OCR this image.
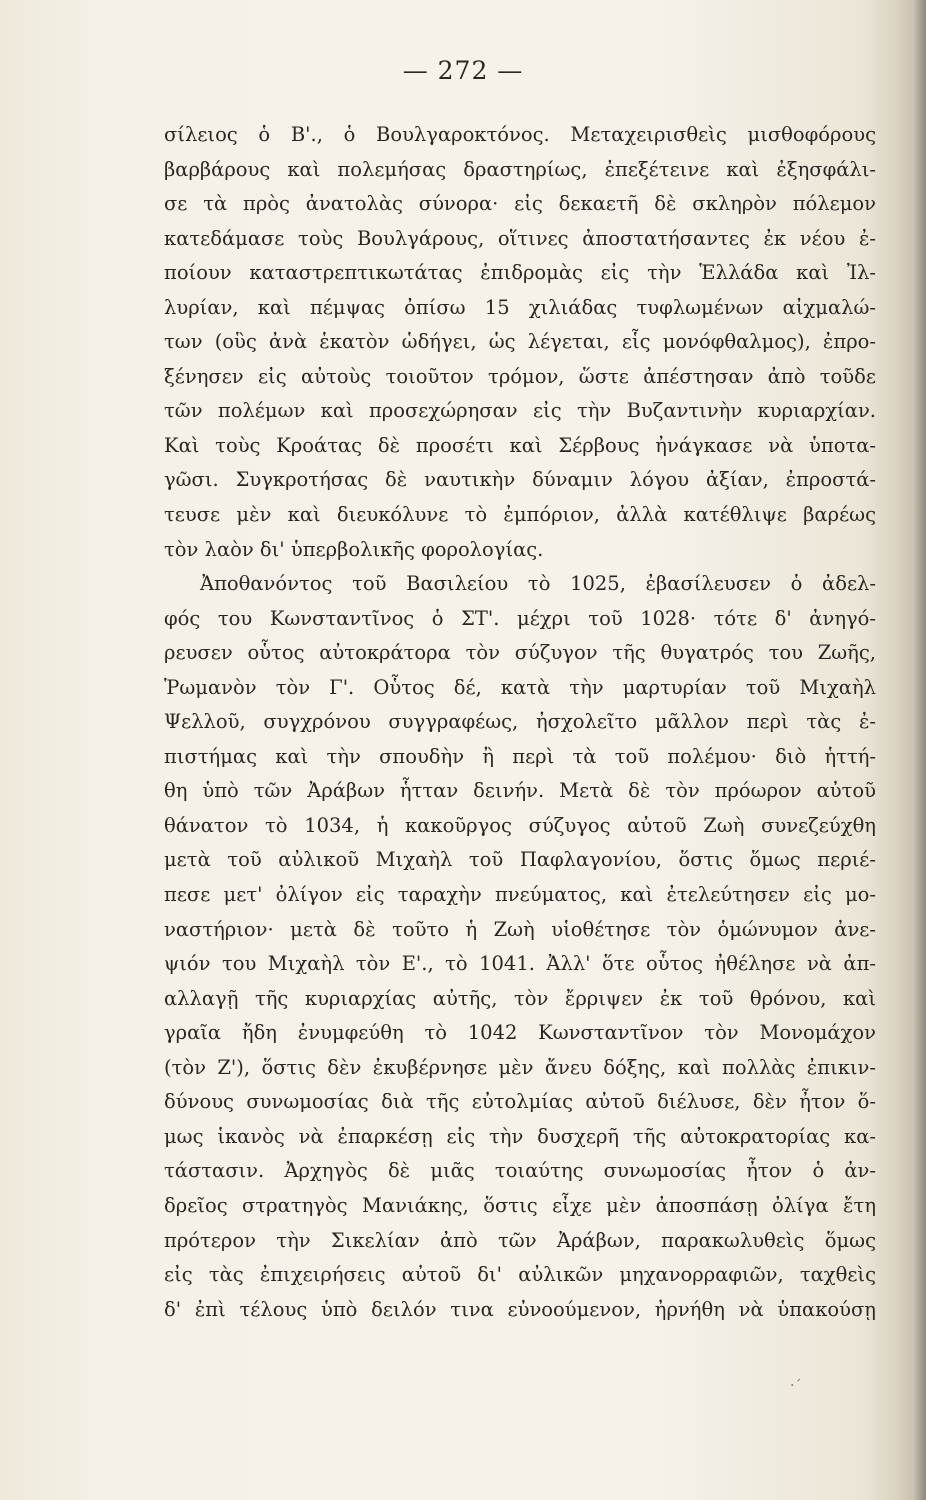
— 272 —
σίλειος ὁ Β'., ὁ Βουλγαροκτόνος. Μεταχειρισθεὶς μισθοφόρους
βαρβάρους καὶ πολεμήσας δραστηρίως, ἐπεξέτεινε καὶ ἐξησφάλι-
σε τὰ πρὸς ἀνατολὰς σύνορα· εἰς δεκαετῆ δὲ σκληρὸν πόλεμον
κατεδάμασε τοὺς Βουλγάρους, οἵτινες ἀποστατήσαντες ἐκ νέου ἐ-
ποίουν καταστρεπτικωτάτας ἐπιδρομὰς εἰς τὴν Ἑλλάδα καὶ Ἰλ-
λυρίαν, καὶ πέμψας ὀπίσω 15 χιλιάδας τυφλωμένων αἰχμαλώ-
των (οὓς ἀνὰ ἑκατὸν ὡδήγει, ὡς λέγεται, εἷς μονόφθαλμος), ἐπρο-
ξένησεν εἰς αὐτοὺς τοιοῦτον τρόμον, ὥστε ἀπέστησαν ἀπὸ τοῦδε
τῶν πολέμων καὶ προσεχώρησαν εἰς τὴν Βυζαντινὴν κυριαρχίαν.
Καὶ τοὺς Κροάτας δὲ προσέτι καὶ Σέρβους ἠνάγκασε νὰ ὑποτα-
γῶσι. Συγκροτήσας δὲ ναυτικὴν δύναμιν λόγου ἀξίαν, ἐπροστά-
τευσε μὲν καὶ διευκόλυνε τὸ ἐμπόριον, ἀλλὰ κατέθλιψε βαρέως
τὸν λαὸν δι' ὑπερβολικῆς φορολογίας.
Ἀποθανόντος τοῦ Βασιλείου τὸ 1025, ἐβασίλευσεν ὁ ἀδελ-
φός του Κωνσταντῖνος ὁ ΣΤ'. μέχρι τοῦ 1028· τότε δ' ἀνηγό-
ρευσεν οὗτος αὐτοκράτορα τὸν σύζυγον τῆς θυγατρός του Ζωῆς,
Ῥωμανὸν τὸν Γ'. Οὗτος δέ, κατὰ τὴν μαρτυρίαν τοῦ Μιχαὴλ
Ψελλοῦ, συγχρόνου συγγραφέως, ἠσχολεῖτο μᾶλλον περὶ τὰς ἐ-
πιστήμας καὶ τὴν σπουδὴν ἢ περὶ τὰ τοῦ πολέμου· διὸ ἡττή-
θη ὑπὸ τῶν Ἀράβων ἧτταν δεινήν. Μετὰ δὲ τὸν πρόωρον αὐτοῦ
θάνατον τὸ 1034, ἡ κακοῦργος σύζυγος αὐτοῦ Ζωὴ συνεζεύχθη
μετὰ τοῦ αὐλικοῦ Μιχαὴλ τοῦ Παφλαγονίου, ὅστις ὅμως περιέ-
πεσε μετ' ὀλίγον εἰς ταραχὴν πνεύματος, καὶ ἐτελεύτησεν εἰς μο-
ναστήριον· μετὰ δὲ τοῦτο ἡ Ζωὴ υἱοθέτησε τὸν ὁμώνυμον ἀνε-
ψιόν του Μιχαὴλ τὸν Ε'., τὸ 1041. Ἀλλ' ὅτε οὗτος ἠθέλησε νὰ ἀπ-
αλλαγῇ τῆς κυριαρχίας αὐτῆς, τὸν ἔρριψεν ἐκ τοῦ θρόνου, καὶ
γραῖα ἤδη ἐνυμφεύθη τὸ 1042 Κωνσταντῖνον τὸν Μονομάχον
(τὸν Ζ'), ὅστις δὲν ἐκυβέρνησε μὲν ἄνευ δόξης, καὶ πολλὰς ἐπικιν-
δύνους συνωμοσίας διὰ τῆς εὐτολμίας αὐτοῦ διέλυσε, δὲν ἦτον ὅ-
μως ἱκανὸς νὰ ἐπαρκέσῃ εἰς τὴν δυσχερῆ τῆς αὐτοκρατορίας κα-
τάστασιν. Ἀρχηγὸς δὲ μιᾶς τοιαύτης συνωμοσίας ἦτον ὁ ἀν-
δρεῖος στρατηγὸς Μανιάκης, ὅστις εἶχε μὲν ἀποσπάσῃ ὀλίγα ἔτη
πρότερον τὴν Σικελίαν ἀπὸ τῶν Ἀράβων, παρακωλυθεὶς ὅμως
εἰς τὰς ἐπιχειρήσεις αὐτοῦ δι' αὐλικῶν μηχανορραφιῶν, ταχθεὶς
δ' ἐπὶ τέλους ὑπὸ δειλόν τινα εὐνοούμενον, ἠρνήθη νὰ ὑπακούσῃ
·´
